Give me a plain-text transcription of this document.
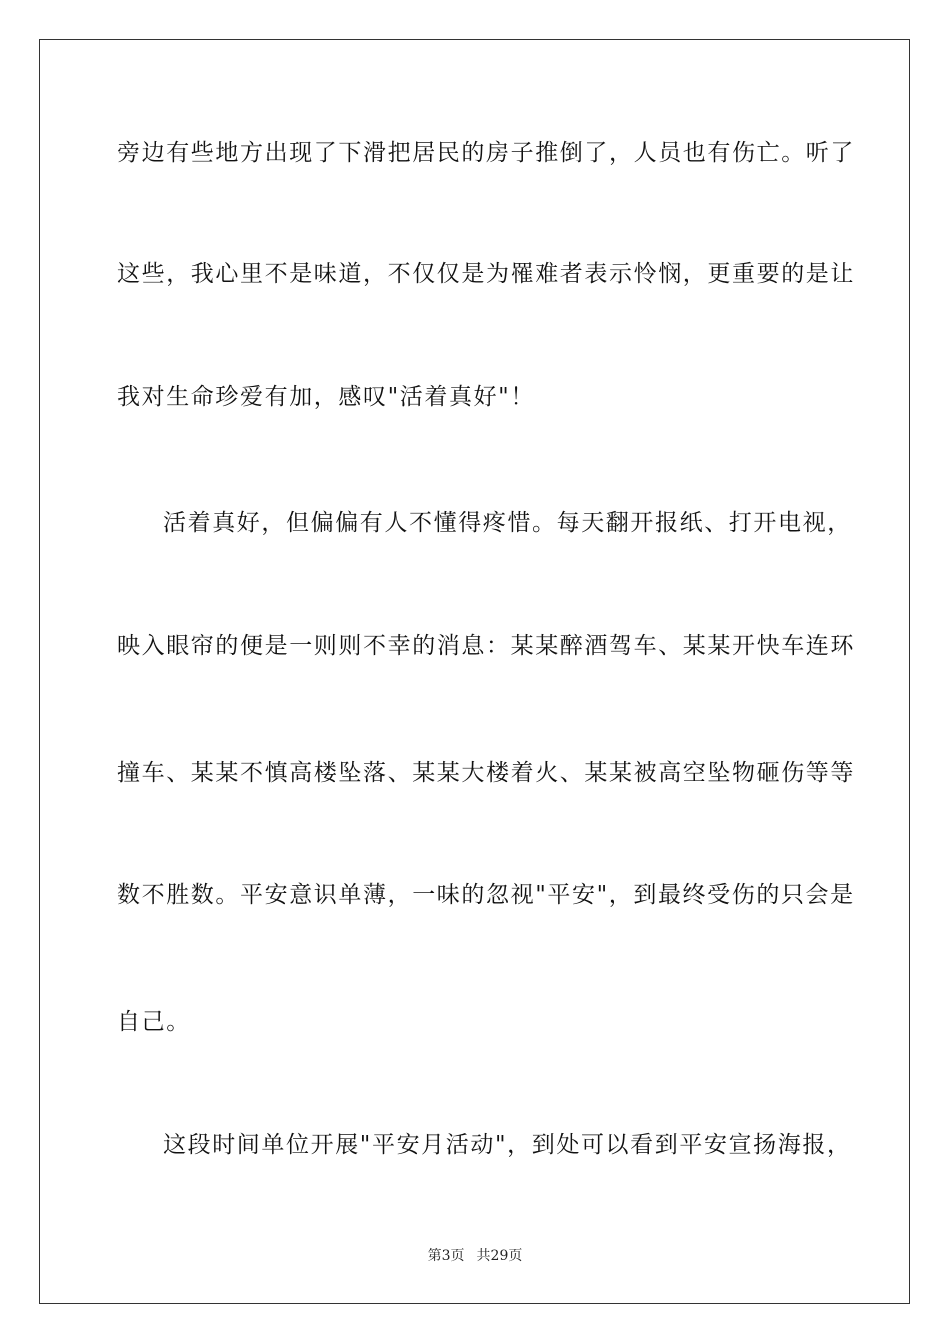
旁边有些地方出现了下滑把居民的房子推倒了，人员也有伤亡。听了
这些，我心里不是味道，不仅仅是为罹难者表示怜悯，更重要的是让
我对生命珍爱有加，感叹"活着真好"！
活着真好，但偏偏有人不懂得疼惜。每天翻开报纸、打开电视，
映入眼帘的便是一则则不幸的消息：某某醉酒驾车、某某开快车连环
撞车、某某不慎高楼坠落、某某大楼着火、某某被高空坠物砸伤等等
数不胜数。平安意识单薄，一味的忽视"平安"，到最终受伤的只会是
自己。
这段时间单位开展"平安月活动"，到处可以看到平安宣扬海报，
第3页 共29页
